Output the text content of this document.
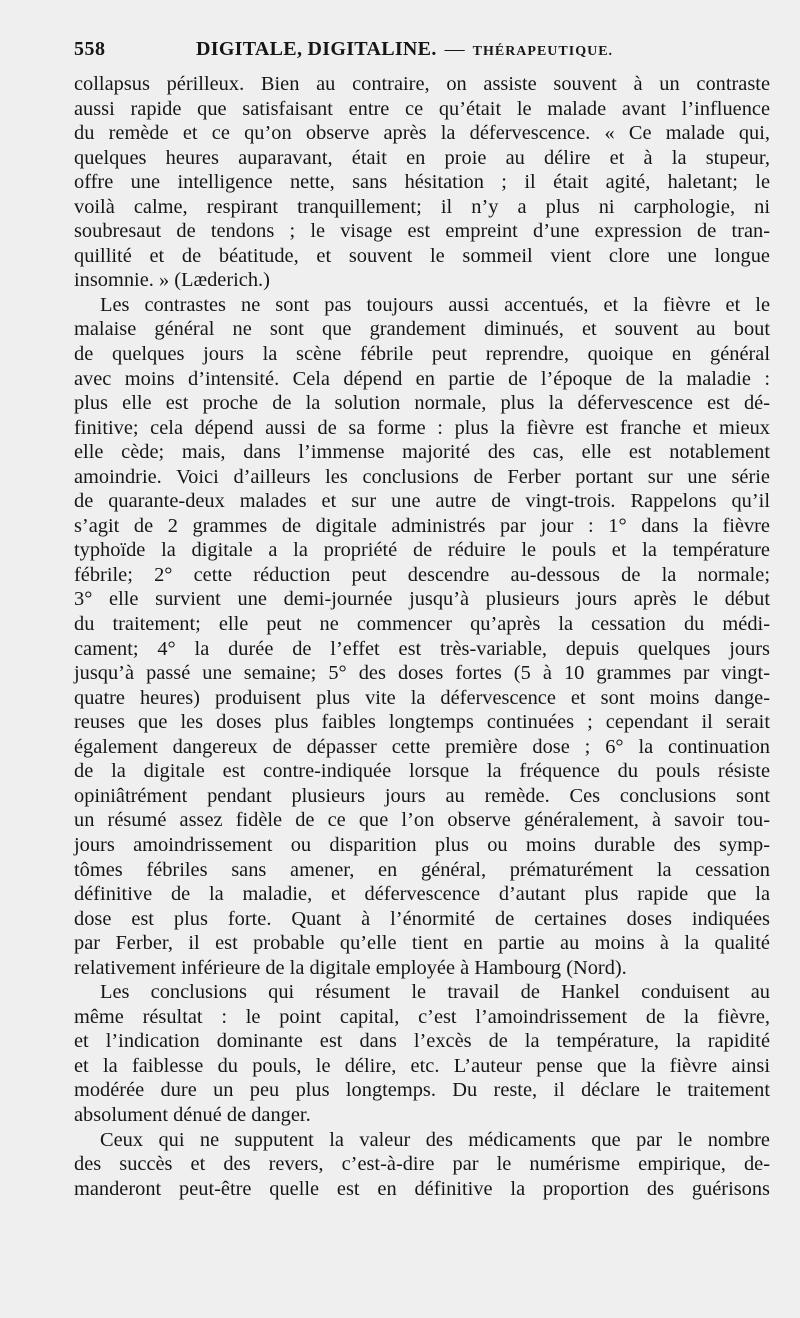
558	DIGITALE, DIGITALINE. — THÉRAPEUTIQUE.

collapsus périlleux. Bien au contraire, on assiste souvent à un contraste

aussi rapide que satisfaisant entre ce qu’était le malade avant l’influence

du remède et ce qu’on observe après la défervescence. « Ce malade qui,

quelques heures auparavant, était en proie au délire et à la stupeur,

offre une intelligence nette, sans hésitation ; il était agité, haletant; le

voilà calme, respirant tranquillement; il n’y a plus ni carphologie, ni

soubresaut de tendons ; le visage est empreint d’une expression de tran-

quillité et de béatitude, et souvent le sommeil vient clore une longue

insomnie. » (Læderich.)

Les contrastes ne sont pas toujours aussi accentués, et la fièvre et le

malaise général ne sont que grandement diminués, et souvent au bout

de quelques jours la scène fébrile peut reprendre, quoique en général

avec moins d’intensité. Cela dépend en partie de l’époque de la maladie :

plus elle est proche de la solution normale, plus la défervescence est dé-

finitive; cela dépend aussi de sa forme : plus la fièvre est franche et mieux

elle cède; mais, dans l’immense majorité des cas, elle est notablement

amoindrie. Voici d’ailleurs les conclusions de Ferber portant sur une série

de quarante-deux malades et sur une autre de vingt-trois. Rappelons qu’il

s’agit de 2 grammes de digitale administrés par jour : 1° dans la fièvre

typhoïde la digitale a la propriété de réduire le pouls et la température

fébrile; 2° cette réduction peut descendre au-dessous de la normale;

3° elle survient une demi-journée jusqu’à plusieurs jours après le début

du traitement; elle peut ne commencer qu’après la cessation du médi-

cament; 4° la durée de l’effet est très-variable, depuis quelques jours

jusqu’à passé une semaine; 5° des doses fortes (5 à 10 grammes par vingt-

quatre heures) produisent plus vite la défervescence et sont moins dange-

reuses que les doses plus faibles longtemps continuées ; cependant il serait

également dangereux de dépasser cette première dose ; 6° la continuation

de la digitale est contre-indiquée lorsque la fréquence du pouls résiste

opiniâtrément pendant plusieurs jours au remède. Ces conclusions sont

un résumé assez fidèle de ce que l’on observe généralement, à savoir tou-

jours amoindrissement ou disparition plus ou moins durable des symp-

tômes fébriles sans amener, en général, prématurément la cessation

définitive de la maladie, et défervescence d’autant plus rapide que la

dose est plus forte. Quant à l’énormité de certaines doses indiquées

par Ferber, il est probable qu’elle tient en partie au moins à la qualité

relativement inférieure de la digitale employée à Hambourg (Nord).

Les conclusions qui résument le travail de Hankel conduisent au

même résultat : le point capital, c’est l’amoindrissement de la fièvre,

et l’indication dominante est dans l’excès de la température, la rapidité

et la faiblesse du pouls, le délire, etc. L’auteur pense que la fièvre ainsi

modérée dure un peu plus longtemps. Du reste, il déclare le traitement

absolument dénué de danger.

Ceux qui ne supputent la valeur des médicaments que par le nombre

des succès et des revers, c’est-à-dire par le numérisme empirique, de-

manderont peut-être quelle est en définitive la proportion des guérisons
